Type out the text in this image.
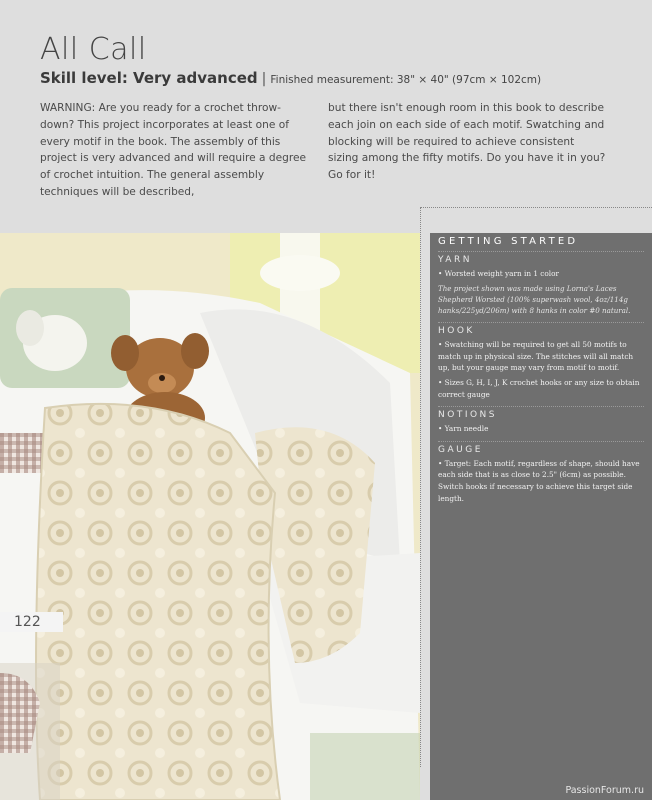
All Call
Skill level: Very advanced | Finished measurement: 38" × 40" (97cm × 102cm)

WARNING: Are you ready for a crochet throw-down? This project incorporates at least one of every motif in the book. The assembly of this project is very advanced and will require a degree of crochet intuition. The general assembly techniques will be described,

but there isn't enough room in this book to describe each join on each side of each motif. Swatching and blocking will be required to achieve consistent sizing among the fifty motifs. Do you have it in you? Go for it!

122
GETTING STARTED
YARN

• Worsted weight yarn in 1 color

The project shown was made using Lorna's Laces Shepherd Worsted (100% superwash wool, 4oz/114g hanks/225yd/206m) with 8 hanks in color #0 natural.

HOOK

• Swatching will be required to get all 50 motifs to match up in physical size. The stitches will all match up, but your gauge may vary from motif to motif.

• Sizes G, H, I, J, K crochet hooks or any size to obtain correct gauge

NOTIONS

• Yarn needle

GAUGE

• Target: Each motif, regardless of shape, should have each side that is as close to 2.5" (6cm) as possible. Switch hooks if necessary to achieve this target side length.

PassionForum.ru
